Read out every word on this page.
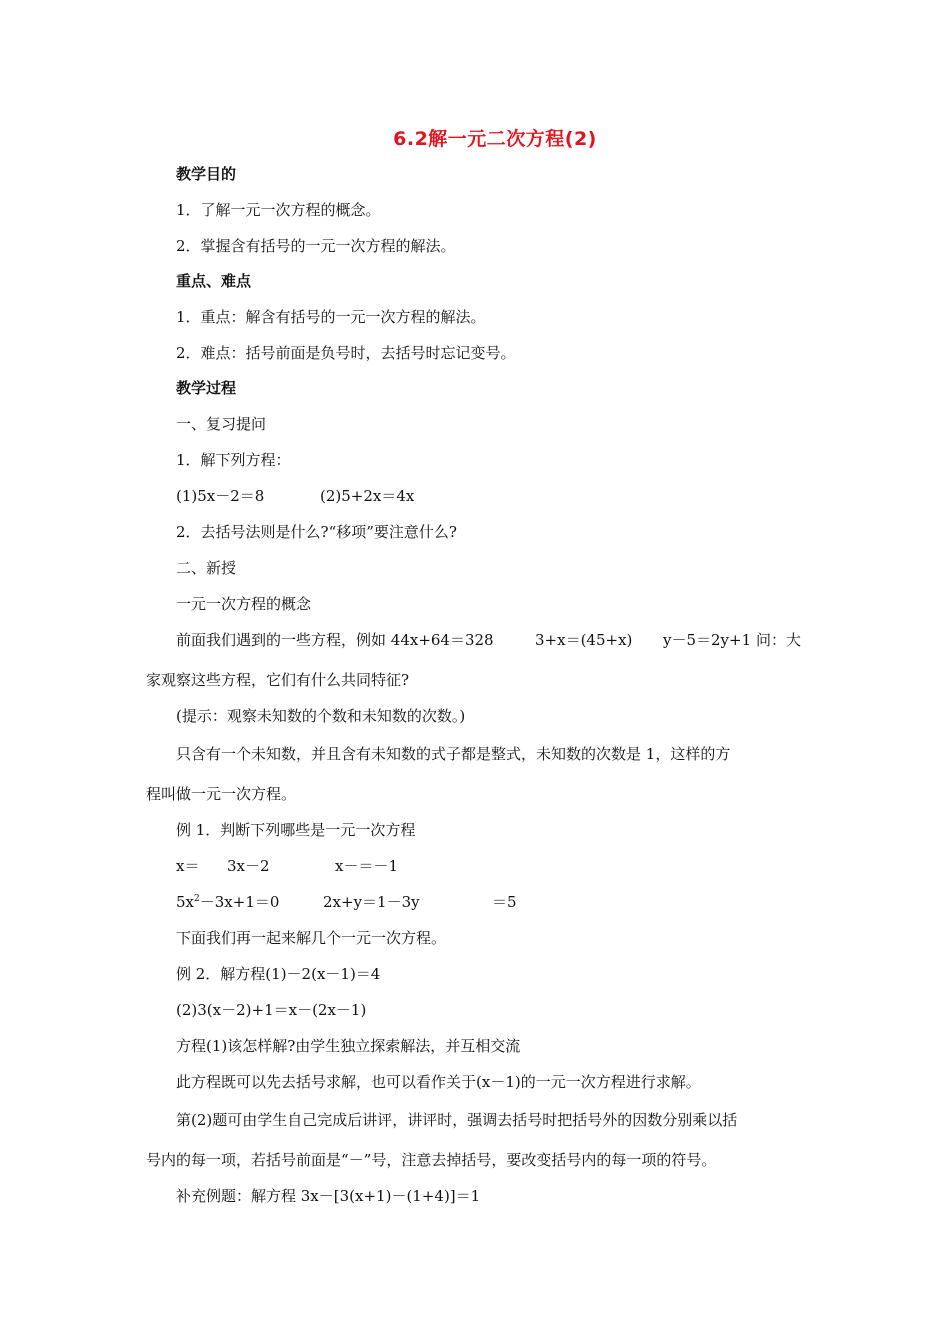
6.2解一元二次方程(2)
教学目的
1．了解一元一次方程的概念。
2．掌握含有括号的一元一次方程的解法。
重点、难点
1．重点：解含有括号的一元一次方程的解法。
2．难点：括号前面是负号时，去括号时忘记变号。
教学过程
一、复习提问
1．解下列方程：
(1)5x－2＝8	(2)5+2x＝4x
2．去括号法则是什么?“移项”要注意什么?
二、新授
一元一次方程的概念
前面我们遇到的一些方程，例如 44x+64＝328	3+x＝(45+x) y－5＝2y+1 问：大
家观察这些方程，它们有什么共同特征?
(提示：观察未知数的个数和未知数的次数。)
只含有一个未知数，并且含有未知数的式子都是整式，未知数的次数是 1，这样的方
程叫做一元一次方程。
例 1．判断下列哪些是一元一次方程
x＝ 3x－2	x－＝－1
$5x^2-3x+1=0$	2x+y＝1－3y	＝5
下面我们再一起来解几个一元一次方程。
例 2．解方程(1)－2(x－1)＝4
(2)3(x－2)+1＝x－(2x－1)
方程(1)该怎样解?由学生独立探索解法，并互相交流
此方程既可以先去括号求解，也可以看作关于(x－1)的一元一次方程进行求解。
第(2)题可由学生自己完成后讲评，讲评时，强调去括号时把括号外的因数分别乘以括
号内的每一项，若括号前面是“－”号，注意去掉括号，要改变括号内的每一项的符号。
补充例题：解方程 3x－[3(x+1)－(1+4)]＝1
